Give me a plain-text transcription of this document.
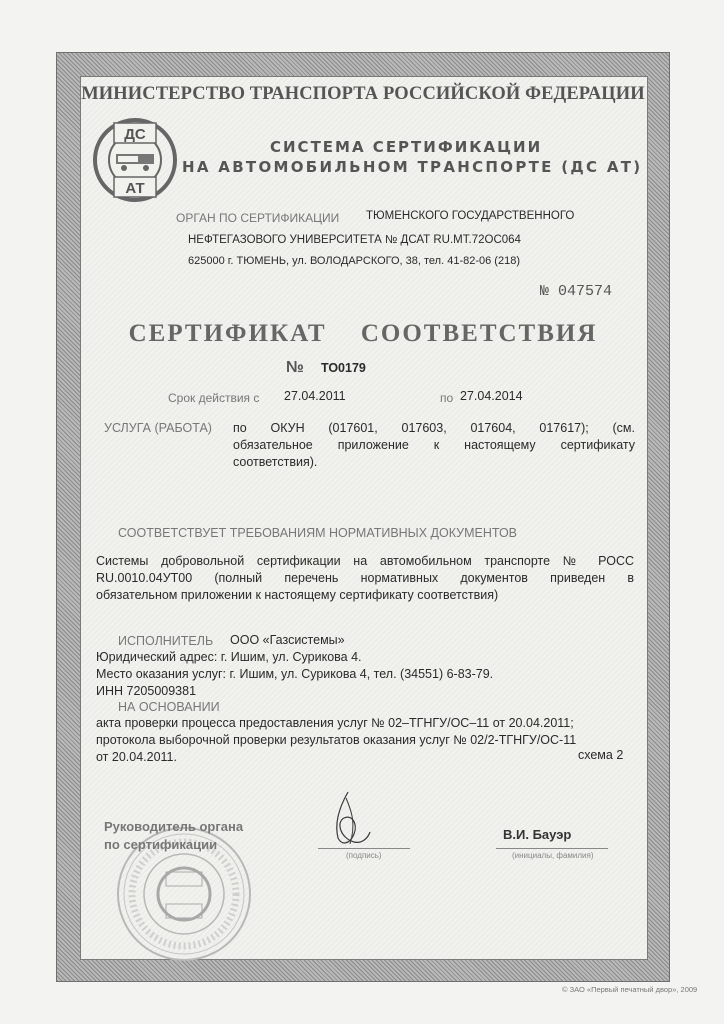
МИНИСТЕРСТВО ТРАНСПОРТА РОССИЙСКОЙ ФЕДЕРАЦИИ
ДС
АТ
СИСТЕМА СЕРТИФИКАЦИИ
НА АВТОМОБИЛЬНОМ ТРАНСПОРТЕ (ДС АТ)
ОРГАН ПО СЕРТИФИКАЦИИ ТЮМЕНСКОГО ГОСУДАРСТВЕННОГО
НЕФТЕГАЗОВОГО УНИВЕРСИТЕТА № ДСАТ RU.MT.72OC064
625000 г. ТЮМЕНЬ, ул. ВОЛОДАРСКОГО, 38, тел. 41-82-06 (218)
№ 047574
СЕРТИФИКАТ СООТВЕТСТВИЯ
№ ТО0179
Срок действия с 27.04.2011	по 27.04.2014
УСЛУГА (РАБОТА) по ОКУН (017601, 017603, 017604, 017617); (см.
обязательное приложение к настоящему сертификату
соответствия).
СООТВЕТСТВУЕТ ТРЕБОВАНИЯМ НОРМАТИВНЫХ ДОКУМЕНТОВ
Системы добровольной сертификации на автомобильном транспорте № РОСС
RU.0010.04УТ00 (полный перечень нормативных документов приведен в
обязательном приложении к настоящему сертификату соответствия)
ИСПОЛНИТЕЛЬ ООО «Газсистемы»
Юридический адрес: г. Ишим, ул. Сурикова 4.
Место оказания услуг: г. Ишим, ул. Сурикова 4, тел. (34551) 6-83-79.
ИНН 7205009381
НА ОСНОВАНИИ
акта проверки процесса предоставления услуг № 02–ТГНГУ/ОС–11 от 20.04.2011;
протокола выборочной проверки результатов оказания услуг № 02/2-ТГНГУ/ОС-11
от 20.04.2011.	схема 2
Руководитель органа
по сертификации
(подпись)
В.И. Бауэр
(инициалы, фамилия)
© ЗАО «Первый печатный двор», 2009
